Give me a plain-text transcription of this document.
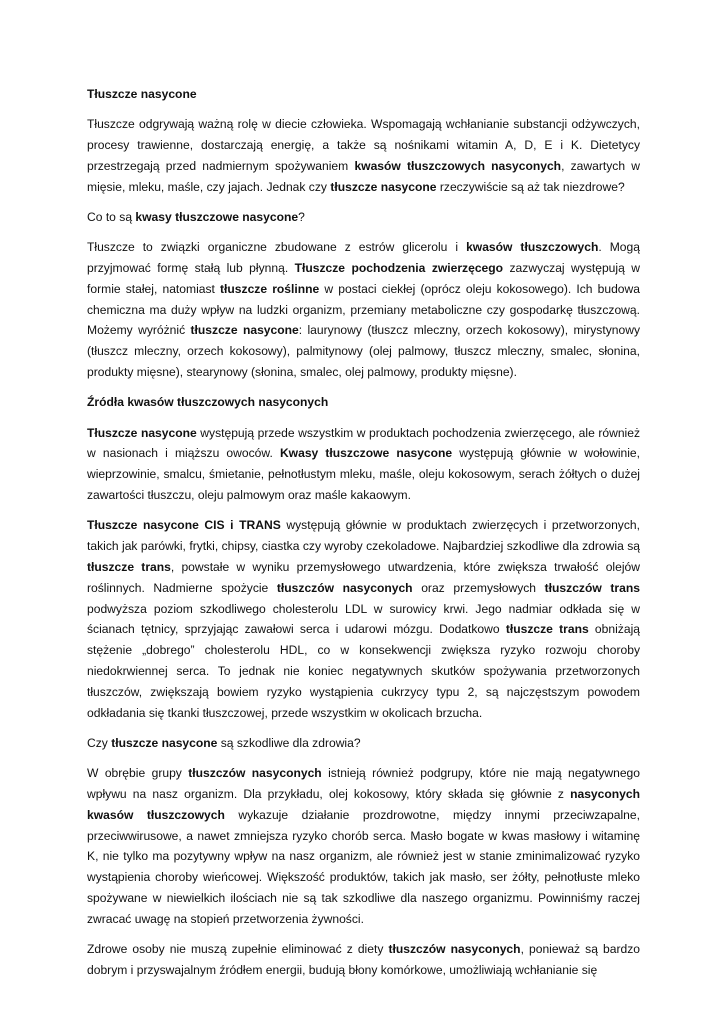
Tłuszcze nasycone
Tłuszcze odgrywają ważną rolę w diecie człowieka. Wspomagają wchłanianie substancji odżywczych, procesy trawienne, dostarczają energię, a także są nośnikami witamin A, D, E i K. Dietetycy przestrzegają przed nadmiernym spożywaniem kwasów tłuszczowych nasyconych, zawartych w mięsie, mleku, maśle, czy jajach. Jednak czy tłuszcze nasycone rzeczywiście są aż tak niezdrowe?
Co to są kwasy tłuszczowe nasycone?
Tłuszcze to związki organiczne zbudowane z estrów glicerolu i kwasów tłuszczowych. Mogą przyjmować formę stałą lub płynną. Tłuszcze pochodzenia zwierzęcego zazwyczaj występują w formie stałej, natomiast tłuszcze roślinne w postaci ciekłej (oprócz oleju kokosowego). Ich budowa chemiczna ma duży wpływ na ludzki organizm, przemiany metaboliczne czy gospodarkę tłuszczową. Możemy wyróżnić tłuszcze nasycone: laurynowy (tłuszcz mleczny, orzech kokosowy), mirystynowy (tłuszcz mleczny, orzech kokosowy), palmitynowy (olej palmowy, tłuszcz mleczny, smalec, słonina, produkty mięsne), stearynowy (słonina, smalec, olej palmowy, produkty mięsne).
Źródła kwasów tłuszczowych nasyconych
Tłuszcze nasycone występują przede wszystkim w produktach pochodzenia zwierzęcego, ale również w nasionach i miąższu owoców. Kwasy tłuszczowe nasycone występują głównie w wołowinie, wieprzowinie, smalcu, śmietanie, pełnotłustym mleku, maśle, oleju kokosowym, serach żółtych o dużej zawartości tłuszczu, oleju palmowym oraz maśle kakaowym.
Tłuszcze nasycone CIS i TRANS występują głównie w produktach zwierzęcych i przetworzonych, takich jak parówki, frytki, chipsy, ciastka czy wyroby czekoladowe. Najbardziej szkodliwe dla zdrowia są tłuszcze trans, powstałe w wyniku przemysłowego utwardzenia, które zwiększa trwałość olejów roślinnych. Nadmierne spożycie tłuszczów nasyconych oraz przemysłowych tłuszczów trans podwyższa poziom szkodliwego cholesterolu LDL w surowicy krwi. Jego nadmiar odkłada się w ścianach tętnicy, sprzyjając zawałowi serca i udarowi mózgu. Dodatkowo tłuszcze trans obniżają stężenie „dobrego” cholesterolu HDL, co w konsekwencji zwiększa ryzyko rozwoju choroby niedokrwiennej serca. To jednak nie koniec negatywnych skutków spożywania przetworzonych tłuszczów, zwiększają bowiem ryzyko wystąpienia cukrzycy typu 2, są najczęstszym powodem odkładania się tkanki tłuszczowej, przede wszystkim w okolicach brzucha.
Czy tłuszcze nasycone są szkodliwe dla zdrowia?
W obrębie grupy tłuszczów nasyconych istnieją również podgrupy, które nie mają negatywnego wpływu na nasz organizm. Dla przykładu, olej kokosowy, który składa się głównie z nasyconych kwasów tłuszczowych wykazuje działanie prozdrowotne, między innymi przeciwzapalne, przeciwwirusowe, a nawet zmniejsza ryzyko chorób serca. Masło bogate w kwas masłowy i witaminę K, nie tylko ma pozytywny wpływ na nasz organizm, ale również jest w stanie zminimalizować ryzyko wystąpienia choroby wieńcowej. Większość produktów, takich jak masło, ser żółty, pełnotłuste mleko spożywane w niewielkich ilościach nie są tak szkodliwe dla naszego organizmu. Powinniśmy raczej zwracać uwagę na stopień przetworzenia żywności.
Zdrowe osoby nie muszą zupełnie eliminować z diety tłuszczów nasyconych, ponieważ są bardzo dobrym i przyswajalnym źródłem energii, budują błony komórkowe, umożliwiają wchłanianie się
